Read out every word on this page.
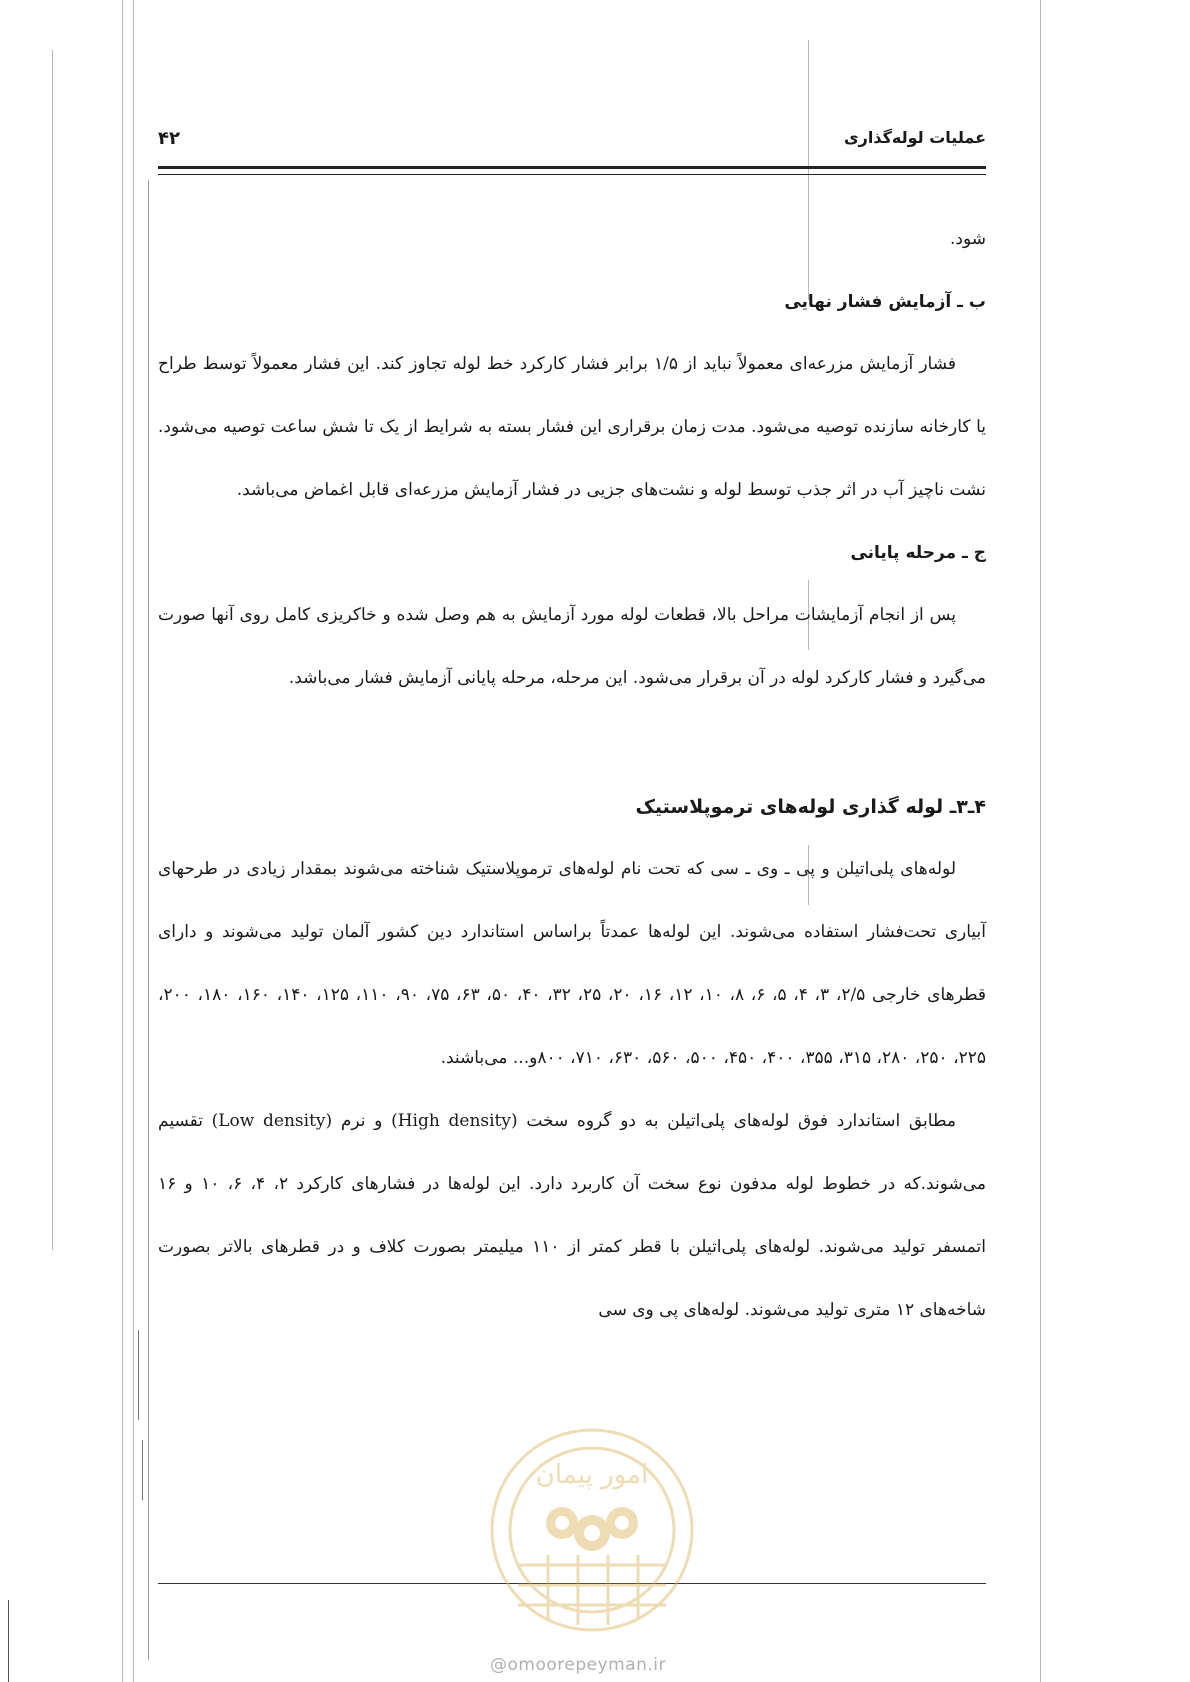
۴۲	عملیات لوله‌گذاری

شود.

ب ـ آزمایش فشار نهایی

فشار آزمایش مزرعه‌ای معمولاً نباید از ۱/۵ برابر فشار کارکرد خط لوله تجاوز کند. این فشار معمولاً توسط طراح یا کارخانه سازنده توصیه می‌شود. مدت زمان برقراری این فشار بسته به شرایط از یک تا شش ساعت توصیه می‌شود. نشت ناچیز آب در اثر جذب توسط لوله و نشت‌های جزیی در فشار آزمایش مزرعه‌ای قابل اغماض می‌باشد.

ج ـ مرحله پایانی

پس از انجام آزمایشات مراحل بالا، قطعات لوله مورد آزمایش به هم وصل شده و خاکریزی کامل روی آنها صورت می‌گیرد و فشار کارکرد لوله در آن برقرار می‌شود. این مرحله، مرحله پایانی آزمایش فشار می‌باشد.

۴ـ۳ـ لوله گذاری لوله‌های ترموپلاستیک

لوله‌های پلی‌اتیلن و پی ـ وی ـ سی که تحت نام لوله‌های ترموپلاستیک شناخته می‌شوند بمقدار زیادی در طرحهای آبیاری تحت‌فشار استفاده می‌شوند. این لوله‌ها عمدتاً براساس استاندارد دین کشور آلمان تولید می‌شوند و دارای قطرهای خارجی ۲/۵، ۳، ۴، ۵، ۶، ۸، ۱۰، ۱۲، ۱۶، ۲۰، ۲۵، ۳۲، ۴۰، ۵۰، ۶۳، ۷۵، ۹۰، ۱۱۰، ۱۲۵، ۱۴۰، ۱۶۰، ۱۸۰، ۲۰۰، ۲۲۵، ۲۵۰، ۲۸۰، ۳۱۵، ۳۵۵، ۴۰۰، ۴۵۰، ۵۰۰، ۵۶۰، ۶۳۰، ۷۱۰، ۸۰۰و... می‌باشند.

مطابق استاندارد فوق لوله‌های پلی‌اتیلن به دو گروه سخت (High density) و نرم (Low density) تقسیم می‌شوند.که در خطوط لوله مدفون نوع سخت آن کاربرد دارد. این لوله‌ها در فشارهای کارکرد ۲، ۴، ۶، ۱۰ و ۱۶ اتمسفر تولید می‌شوند. لوله‌های پلی‌اتیلن با قطر کمتر از ۱۱۰ میلیمتر بصورت کلاف و در قطرهای بالاتر بصورت شاخه‌های ۱۲ متری تولید می‌شوند. لوله‌های پی وی سی

امور پیمان
@omoorepeyman.ir
